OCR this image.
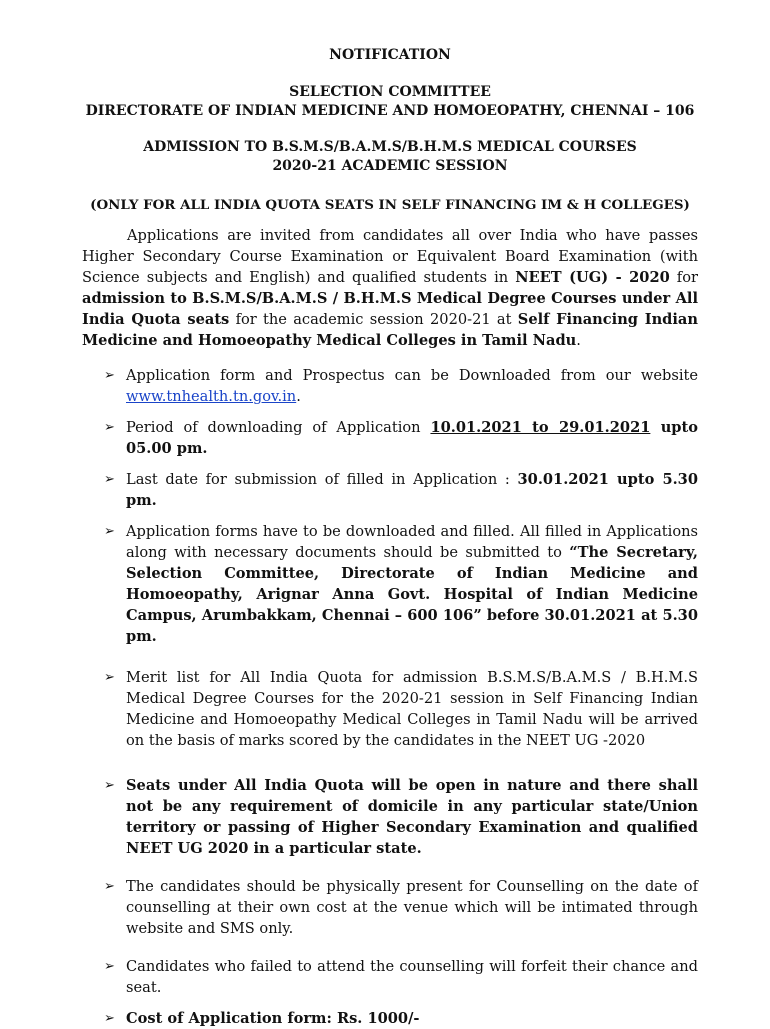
NOTIFICATION
SELECTION COMMITTEE
DIRECTORATE OF INDIAN MEDICINE AND HOMOEOPATHY, CHENNAI – 106
ADMISSION TO B.S.M.S/B.A.M.S/B.H.M.S MEDICAL COURSES
2020-21 ACADEMIC SESSION
(ONLY FOR ALL INDIA QUOTA SEATS IN SELF FINANCING IM & H COLLEGES)

Applications are invited from candidates all over India who have passes Higher Secondary Course Examination or Equivalent Board Examination (with Science subjects and English) and qualified students in NEET (UG) - 2020 for admission to B.S.M.S/B.A.M.S / B.H.M.S Medical Degree Courses under All India Quota seats for the academic session 2020-21 at Self Financing Indian Medicine and Homoeopathy Medical Colleges in Tamil Nadu.

➢ Application form and Prospectus can be Downloaded from our website www.tnhealth.tn.gov.in.
➢ Period of downloading of Application 10.01.2021 to 29.01.2021 upto 05.00 pm.
➢ Last date for submission of filled in Application : 30.01.2021 upto 5.30 pm.
➢ Application forms have to be downloaded and filled. All filled in Applications along with necessary documents should be submitted to “The Secretary, Selection Committee, Directorate of Indian Medicine and Homoeopathy, Arignar Anna Govt. Hospital of Indian Medicine Campus, Arumbakkam, Chennai – 600 106” before 30.01.2021 at 5.30 pm.
➢ Merit list for All India Quota for admission B.S.M.S/B.A.M.S / B.H.M.S Medical Degree Courses for the 2020-21 session in Self Financing Indian Medicine and Homoeopathy Medical Colleges in Tamil Nadu will be arrived on the basis of marks scored by the candidates in the NEET UG -2020
➢ Seats under All India Quota will be open in nature and there shall not be any requirement of domicile in any particular state/Union territory or passing of Higher Secondary Examination and qualified NEET UG 2020 in a particular state.
➢ The candidates should be physically present for Counselling on the date of counselling at their own cost at the venue which will be intimated through website and SMS only.
➢ Candidates who failed to attend the counselling will forfeit their chance and seat.
➢ Cost of Application form: Rs. 1000/-
